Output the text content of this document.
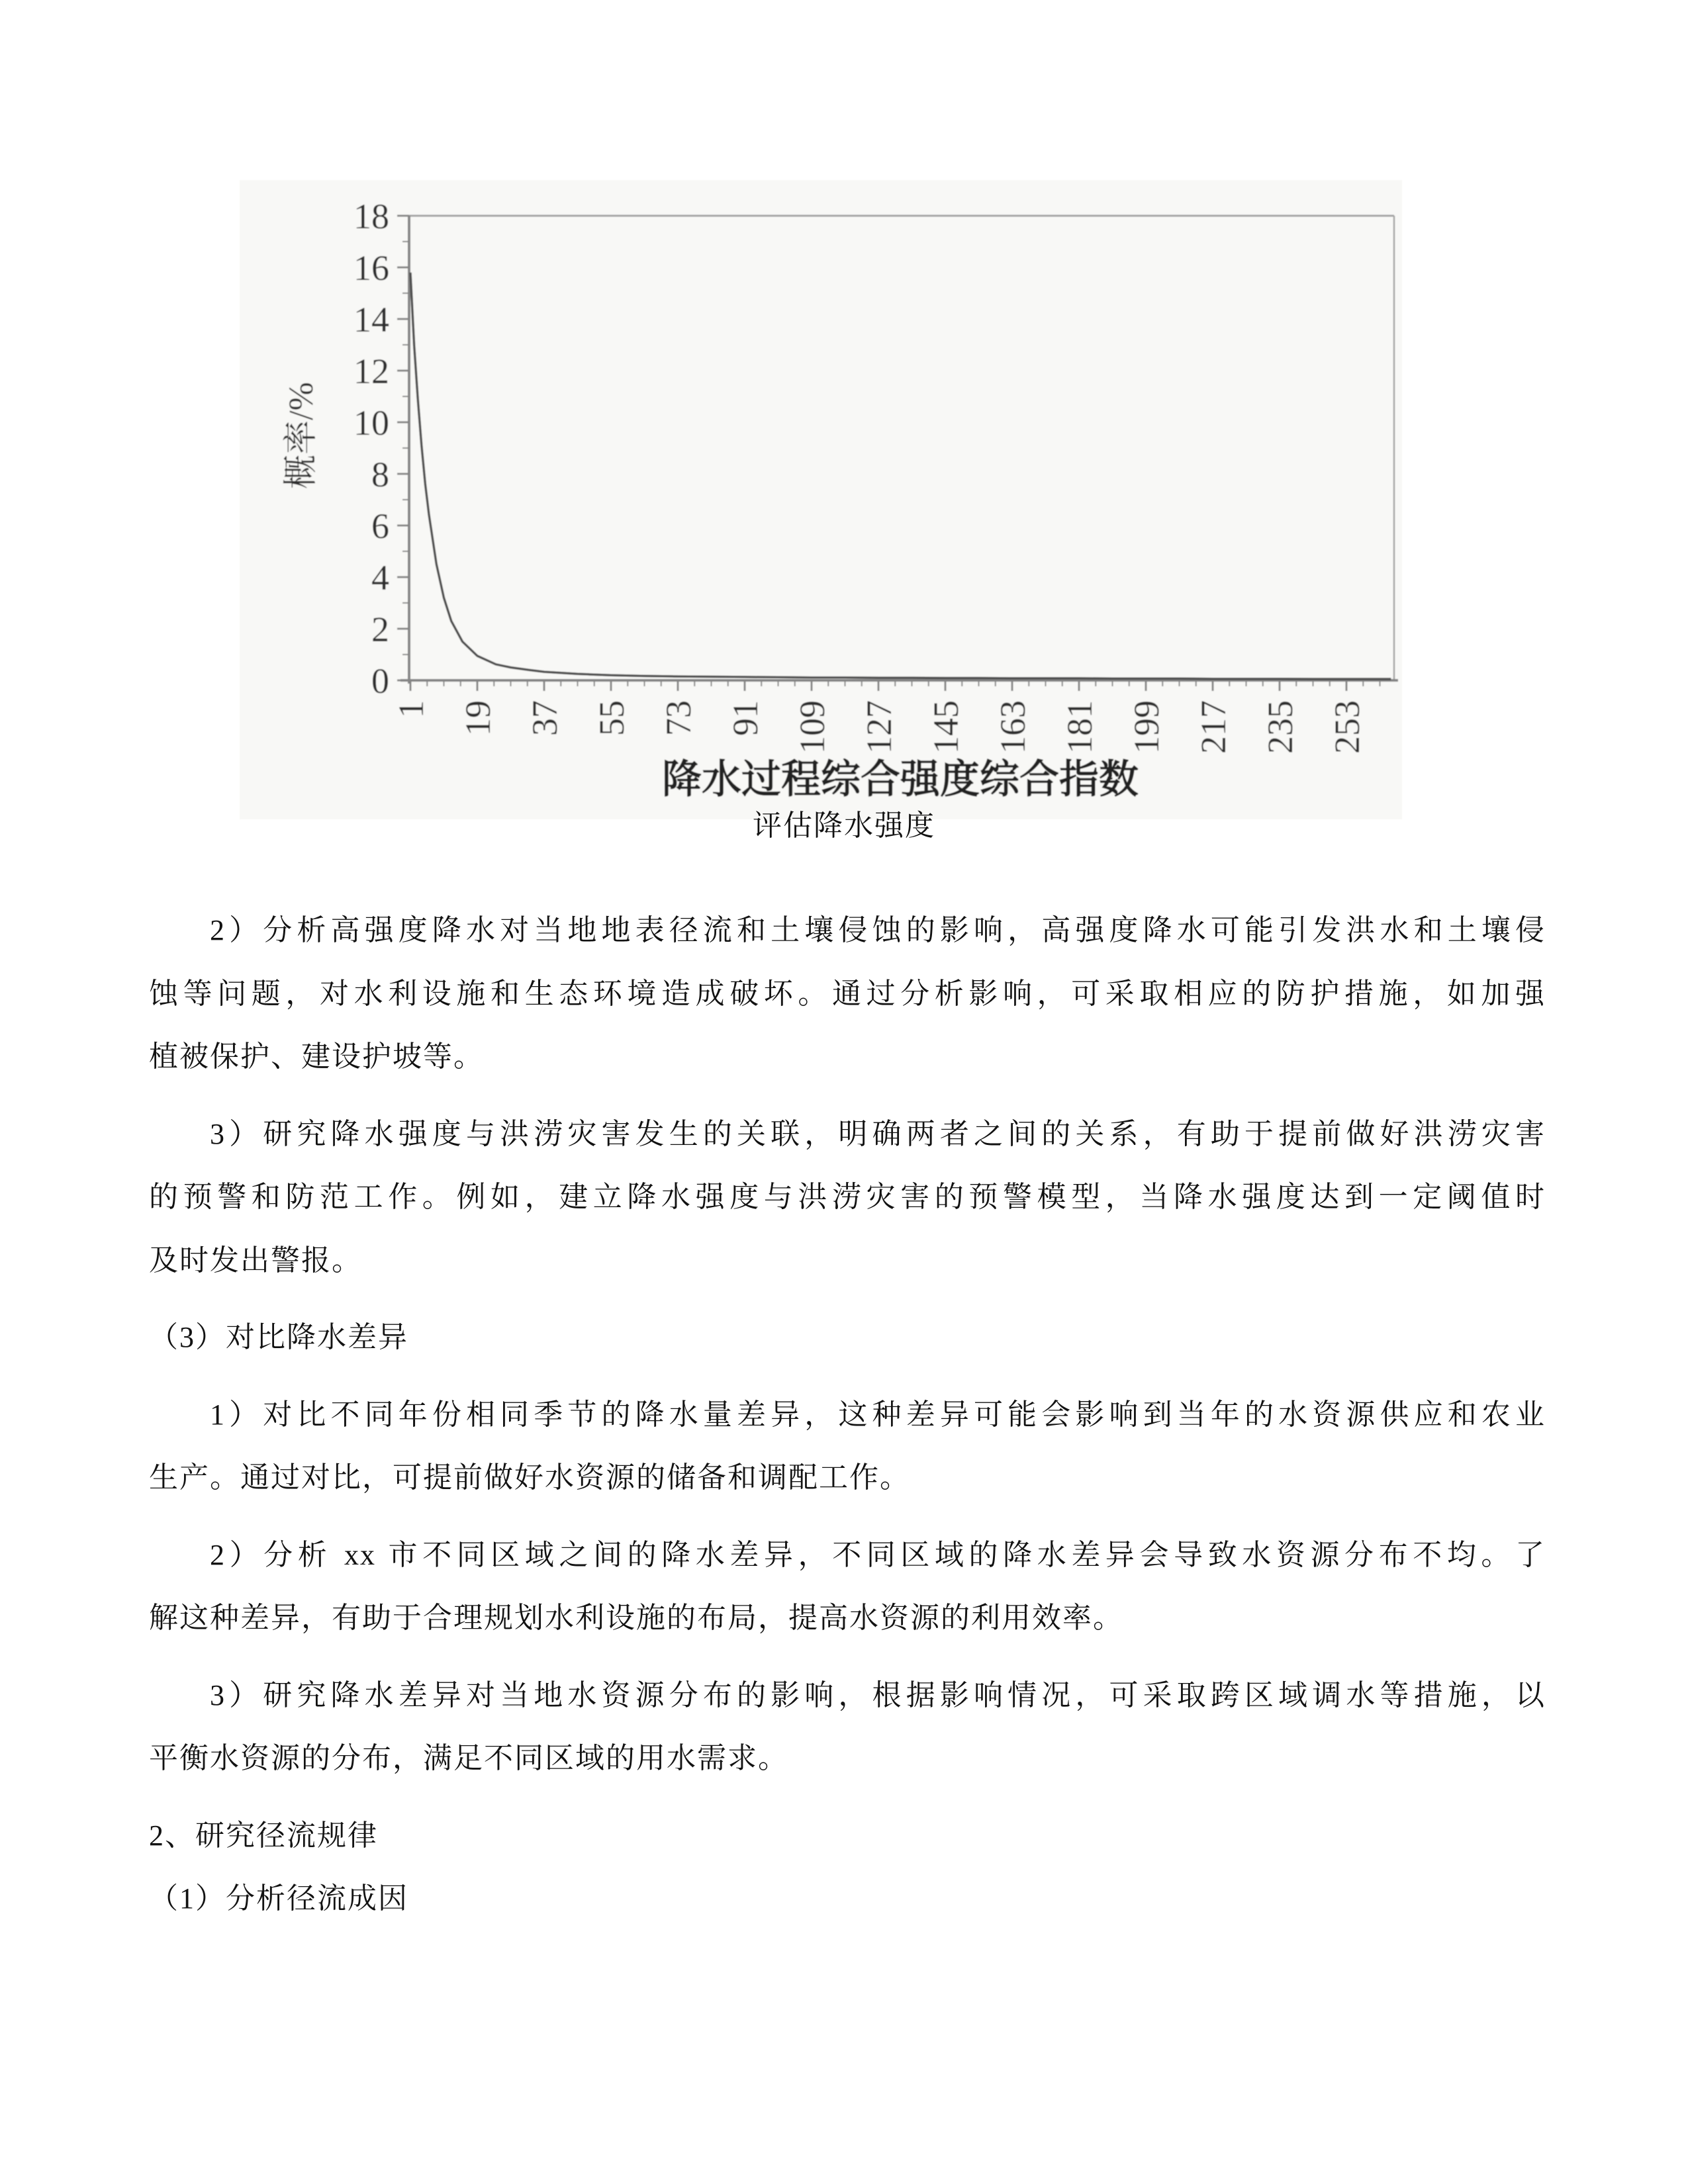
0
2
4
6
8
10
12
14
16
18
1 19 37 55 73 91 109 127 145 163 181 199 217 235 253
概率/%
降水过程综合强度综合指数
评估降水强度
2）分析高强度降水对当地地表径流和土壤侵蚀的影响，高强度降水可能引发洪水和土壤侵
蚀等问题，对水利设施和生态环境造成破坏。通过分析影响，可采取相应的防护措施，如加强
植被保护、建设护坡等。
3）研究降水强度与洪涝灾害发生的关联，明确两者之间的关系，有助于提前做好洪涝灾害
的预警和防范工作。例如，建立降水强度与洪涝灾害的预警模型，当降水强度达到一定阈值时
及时发出警报。
（3）对比降水差异
1）对比不同年份相同季节的降水量差异，这种差异可能会影响到当年的水资源供应和农业
生产。通过对比，可提前做好水资源的储备和调配工作。
2）分析 xx 市不同区域之间的降水差异，不同区域的降水差异会导致水资源分布不均。了
解这种差异，有助于合理规划水利设施的布局，提高水资源的利用效率。
3）研究降水差异对当地水资源分布的影响，根据影响情况，可采取跨区域调水等措施，以
平衡水资源的分布，满足不同区域的用水需求。
2、研究径流规律
（1）分析径流成因
